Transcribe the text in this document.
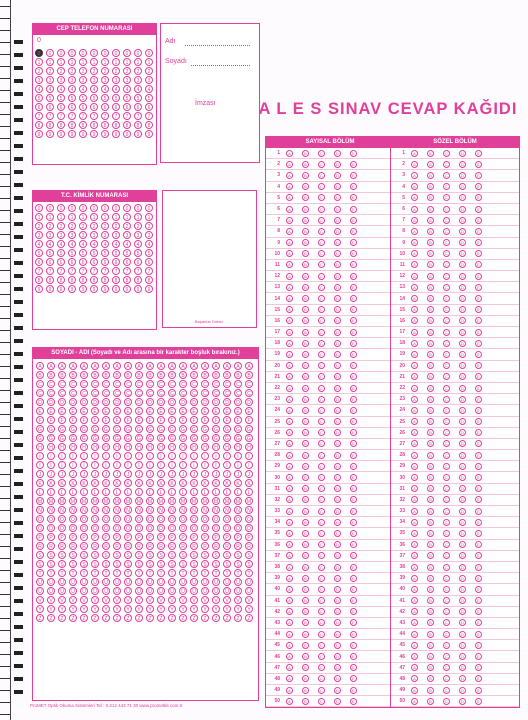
CEP TELEFON NUMARASI
0
0	0	0	0	0	0	0	0	0	0	0
1	1	1	1	1	1	1	1	1	1	1
2	2	2	2	2	2	2	2	2	2	2
3	3	3	3	3	3	3	3	3	3	3
4	4	4	4	4	4	4	4	4	4	4
5	5	5	5	5	5	5	5	5	5	5
6	6	6	6	6	6	6	6	6	6	6
7	7	7	7	7	7	7	7	7	7	7
8	8	8	8	8	8	8	8	8	8	8
9	9	9	9	9	9	9	9	9	9	9
Adı
Soyadı
İmzası
T.C. KİMLİK NUMARASI
0	0	0	0	0	0	0	0	0	0	0
1	1	1	1	1	1	1	1	1	1	1
2	2	2	2	2	2	2	2	2	2	2
3	3	3	3	3	3	3	3	3	3	3
4	4	4	4	4	4	4	4	4	4	4
5	5	5	5	5	5	5	5	5	5	5
6	6	6	6	6	6	6	6	6	6	6
7	7	7	7	7	7	7	7	7	7	7
8	8	8	8	8	8	8	8	8	8	8
9	9	9	9	9	9	9	9	9	9	9
Başarılar Dileriz.
SOYADI - ADI (Soyadı ve Adı arasına bir karakter boşluk bırakınız.)
A	A	A	A	A	A	A	A	A	A	A	A	A	A	A	A	A	A	A	A
B	B	B	B	B	B	B	B	B	B	B	B	B	B	B	B	B	B	B	B
C	C	C	C	C	C	C	C	C	C	C	C	C	C	C	C	C	C	C	C
Ç	Ç	Ç	Ç	Ç	Ç	Ç	Ç	Ç	Ç	Ç	Ç	Ç	Ç	Ç	Ç	Ç	Ç	Ç	Ç
D	D	D	D	D	D	D	D	D	D	D	D	D	D	D	D	D	D	D	D
E	E	E	E	E	E	E	E	E	E	E	E	E	E	E	E	E	E	E	E
F	F	F	F	F	F	F	F	F	F	F	F	F	F	F	F	F	F	F	F
G	G	G	G	G	G	G	G	G	G	G	G	G	G	G	G	G	G	G	G
Ğ	Ğ	Ğ	Ğ	Ğ	Ğ	Ğ	Ğ	Ğ	Ğ	Ğ	Ğ	Ğ	Ğ	Ğ	Ğ	Ğ	Ğ	Ğ	Ğ
H	H	H	H	H	H	H	H	H	H	H	H	H	H	H	H	H	H	H	H
I	I	I	I	I	I	I	I	I	I	I	I	I	I	I	I	I	I	I	I
İ	İ	İ	İ	İ	İ	İ	İ	İ	İ	İ	İ	İ	İ	İ	İ	İ	İ	İ	İ
J	J	J	J	J	J	J	J	J	J	J	J	J	J	J	J	J	J	J	J
K	K	K	K	K	K	K	K	K	K	K	K	K	K	K	K	K	K	K	K
L	L	L	L	L	L	L	L	L	L	L	L	L	L	L	L	L	L	L	L
M	M	M	M	M	M	M	M	M	M	M	M	M	M	M	M	M	M	M	M
N	N	N	N	N	N	N	N	N	N	N	N	N	N	N	N	N	N	N	N
O	O	O	O	O	O	O	O	O	O	O	O	O	O	O	O	O	O	O	O
Ö	Ö	Ö	Ö	Ö	Ö	Ö	Ö	Ö	Ö	Ö	Ö	Ö	Ö	Ö	Ö	Ö	Ö	Ö	Ö
P	P	P	P	P	P	P	P	P	P	P	P	P	P	P	P	P	P	P	P
R	R	R	R	R	R	R	R	R	R	R	R	R	R	R	R	R	R	R	R
S	S	S	S	S	S	S	S	S	S	S	S	S	S	S	S	S	S	S	S
Ş	Ş	Ş	Ş	Ş	Ş	Ş	Ş	Ş	Ş	Ş	Ş	Ş	Ş	Ş	Ş	Ş	Ş	Ş	Ş
T	T	T	T	T	T	T	T	T	T	T	T	T	T	T	T	T	T	T	T
U	U	U	U	U	U	U	U	U	U	U	U	U	U	U	U	U	U	U	U
Ü	Ü	Ü	Ü	Ü	Ü	Ü	Ü	Ü	Ü	Ü	Ü	Ü	Ü	Ü	Ü	Ü	Ü	Ü	Ü
V	V	V	V	V	V	V	V	V	V	V	V	V	V	V	V	V	V	V	V
Y	Y	Y	Y	Y	Y	Y	Y	Y	Y	Y	Y	Y	Y	Y	Y	Y	Y	Y	Y
Z	Z	Z	Z	Z	Z	Z	Z	Z	Z	Z	Z	Z	Z	Z	Z	Z	Z	Z	Z
A L E S SINAV CEVAP KAĞIDI
SAYISAL BÖLÜM
1	A	B	C	D	E
2	A	B	C	D	E
3	A	B	C	D	E
4	A	B	C	D	E
5	A	B	C	D	E
6	A	B	C	D	E
7	A	B	C	D	E
8	A	B	C	D	E
9	A	B	C	D	E
10	A	B	C	D	E
11	A	B	C	D	E
12	A	B	C	D	E
13	A	B	C	D	E
14	A	B	C	D	E
15	A	B	C	D	E
16	A	B	C	D	E
17	A	B	C	D	E
18	A	B	C	D	E
19	A	B	C	D	E
20	A	B	C	D	E
21	A	B	C	D	E
22	A	B	C	D	E
23	A	B	C	D	E
24	A	B	C	D	E
25	A	B	C	D	E
26	A	B	C	D	E
27	A	B	C	D	E
28	A	B	C	D	E
29	A	B	C	D	E
30	A	B	C	D	E
31	A	B	C	D	E
32	A	B	C	D	E
33	A	B	C	D	E
34	A	B	C	D	E
35	A	B	C	D	E
36	A	B	C	D	E
37	A	B	C	D	E
38	A	B	C	D	E
39	A	B	C	D	E
40	A	B	C	D	E
41	A	B	C	D	E
42	A	B	C	D	E
43	A	B	C	D	E
44	A	B	C	D	E
45	A	B	C	D	E
46	A	B	C	D	E
47	A	B	C	D	E
48	A	B	C	D	E
49	A	B	C	D	E
50	A	B	C	D	E
SÖZEL BÖLÜM
1	A	B	C	D	E
2	A	B	C	D	E
3	A	B	C	D	E
4	A	B	C	D	E
5	A	B	C	D	E
6	A	B	C	D	E
7	A	B	C	D	E
8	A	B	C	D	E
9	A	B	C	D	E
10	A	B	C	D	E
11	A	B	C	D	E
12	A	B	C	D	E
13	A	B	C	D	E
14	A	B	C	D	E
15	A	B	C	D	E
16	A	B	C	D	E
17	A	B	C	D	E
18	A	B	C	D	E
19	A	B	C	D	E
20	A	B	C	D	E
21	A	B	C	D	E
22	A	B	C	D	E
23	A	B	C	D	E
24	A	B	C	D	E
25	A	B	C	D	E
26	A	B	C	D	E
27	A	B	C	D	E
28	A	B	C	D	E
29	A	B	C	D	E
30	A	B	C	D	E
31	A	B	C	D	E
32	A	B	C	D	E
33	A	B	C	D	E
34	A	B	C	D	E
35	A	B	C	D	E
36	A	B	C	D	E
37	A	B	C	D	E
38	A	B	C	D	E
39	A	B	C	D	E
40	A	B	C	D	E
41	A	B	C	D	E
42	A	B	C	D	E
43	A	B	C	D	E
44	A	B	C	D	E
45	A	B	C	D	E
46	A	B	C	D	E
47	A	B	C	D	E
48	A	B	C	D	E
49	A	B	C	D	E
50	A	B	C	D	E
ProMET Optik Okuma Sistemleri Tel : 0.212 443 71 30 www.prometkit.com.tr
